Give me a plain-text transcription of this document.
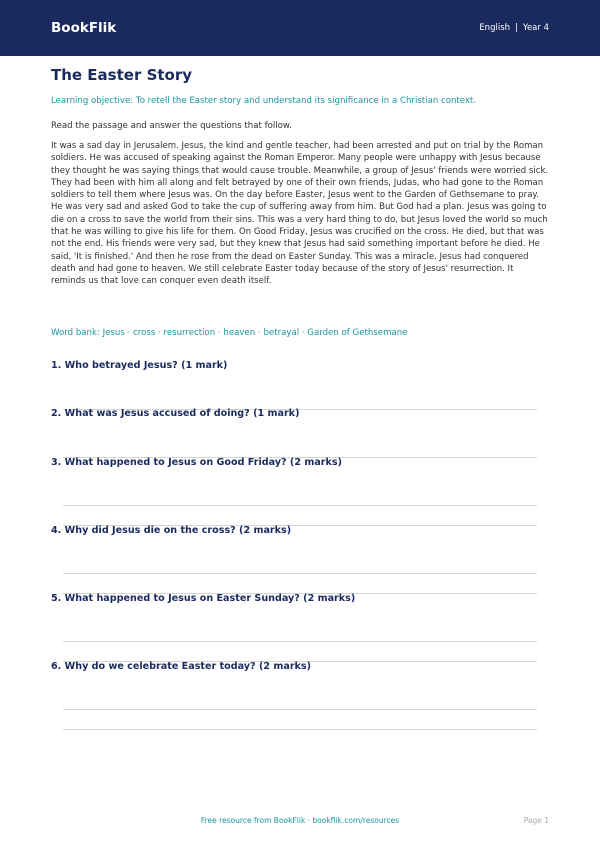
BookFlik	English | Year 4
The Easter Story

Learning objective: To retell the Easter story and understand its significance in a Christian context.

Read the passage and answer the questions that follow.

It was a sad day in Jerusalem. Jesus, the kind and gentle teacher, had been arrested and put on trial by the Roman soldiers. He was accused of speaking against the Roman Emperor. Many people were unhappy with Jesus because they thought he was saying things that would cause trouble. Meanwhile, a group of Jesus' friends were worried sick. They had been with him all along and felt betrayed by one of their own friends, Judas, who had gone to the Roman soldiers to tell them where Jesus was. On the day before Easter, Jesus went to the Garden of Gethsemane to pray. He was very sad and asked God to take the cup of suffering away from him. But God had a plan. Jesus was going to die on a cross to save the world from their sins. This was a very hard thing to do, but Jesus loved the world so much that he was willing to give his life for them. On Good Friday, Jesus was crucified on the cross. He died, but that was not the end. His friends were very sad, but they knew that Jesus had said something important before he died. He said, 'It is finished.' And then he rose from the dead on Easter Sunday. This was a miracle. Jesus had conquered death and had gone to heaven. We still celebrate Easter today because of the story of Jesus' resurrection. It reminds us that love can conquer even death itself.

Word bank: Jesus · cross · resurrection · heaven · betrayal · Garden of Gethsemane

1. Who betrayed Jesus? (1 mark)
2. What was Jesus accused of doing? (1 mark)
3. What happened to Jesus on Good Friday? (2 marks)
4. Why did Jesus die on the cross? (2 marks)
5. What happened to Jesus on Easter Sunday? (2 marks)
6. Why do we celebrate Easter today? (2 marks)
Free resource from BookFlik · bookflik.com/resources	Page 1
